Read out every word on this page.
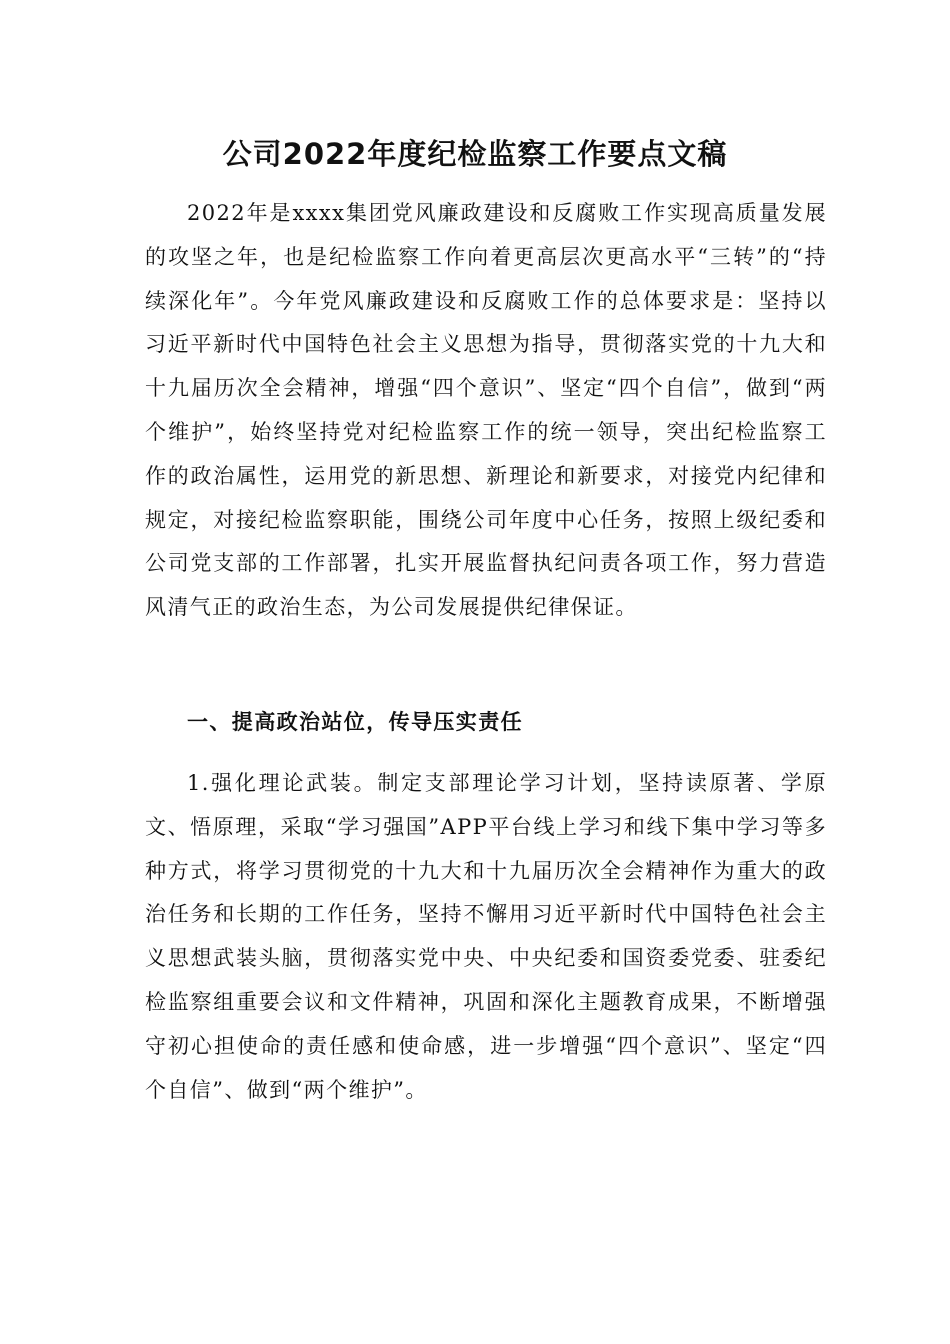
公司2022年度纪检监察工作要点文稿

2022年是xxxx集团党风廉政建设和反腐败工作实现高质量发展的攻坚之年，也是纪检监察工作向着更高层次更高水平“三转”的“持续深化年”。今年党风廉政建设和反腐败工作的总体要求是：坚持以习近平新时代中国特色社会主义思想为指导，贯彻落实党的十九大和十九届历次全会精神，增强“四个意识”、坚定“四个自信”，做到“两个维护”，始终坚持党对纪检监察工作的统一领导，突出纪检监察工作的政治属性，运用党的新思想、新理论和新要求，对接党内纪律和规定，对接纪检监察职能，围绕公司年度中心任务，按照上级纪委和公司党支部的工作部署，扎实开展监督执纪问责各项工作，努力营造风清气正的政治生态，为公司发展提供纪律保证。

一、提高政治站位，传导压实责任

1.强化理论武装。制定支部理论学习计划，坚持读原著、学原文、悟原理，采取“学习强国”APP平台线上学习和线下集中学习等多种方式，将学习贯彻党的十九大和十九届历次全会精神作为重大的政治任务和长期的工作任务，坚持不懈用习近平新时代中国特色社会主义思想武装头脑，贯彻落实党中央、中央纪委和国资委党委、驻委纪检监察组重要会议和文件精神，巩固和深化主题教育成果，不断增强守初心担使命的责任感和使命感，进一步增强“四个意识”、坚定“四个自信”、做到“两个维护”。
